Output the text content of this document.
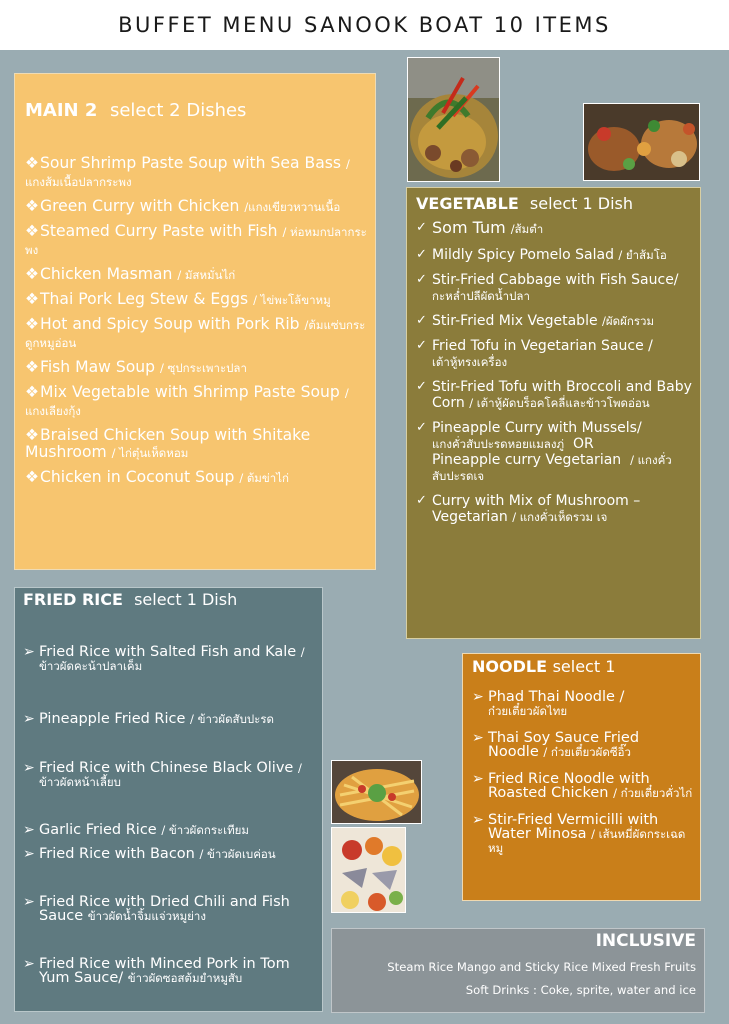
BUFFET MENU SANOOK BOAT 10 ITEMS
MAIN 2 select 2 Dishes
❖Sour Shrimp Paste Soup with Sea Bass / แกงส้มเนื้อปลากระพง
❖Green Curry with Chicken /แกงเขียวหวานเนื้อ
❖Steamed Curry Paste with Fish / ห่อหมกปลากระพง
❖Chicken Masman / มัสหมั่นไก่
❖Thai Pork Leg Stew & Eggs / ไข่พะโล้ขาหมู
❖Hot and Spicy Soup with Pork Rib /ต้มแซ่บกระดูกหมูอ่อน
❖Fish Maw Soup / ซุปกระเพาะปลา
❖Mix Vegetable with Shrimp Paste Soup / แกงเลียงกุ้ง
❖Braised Chicken Soup with Shitake Mushroom / ไก่ตุ๋นเห็ดหอม
❖Chicken in Coconut Soup / ต้มข่าไก่
VEGETABLE select 1 Dish
✓ Som Tum /ส้มตำ
✓ Mildly Spicy Pomelo Salad / ยำส้มโอ
✓ Stir-Fried Cabbage with Fish Sauce/ กะหล่ำปลีผัดน้ำปลา
✓ Stir-Fried Mix Vegetable /ผัดผักรวม
✓ Fried Tofu in Vegetarian Sauce /
เต้าหู้ทรงเครื่อง
✓ Stir-Fried Tofu with Broccoli and Baby Corn / เต้าหู้ผัดบร็อคโคลี่และข้าวโพดอ่อน
✓ Pineapple Curry with Mussels/
แกงคั่วสับปะรดหอยแมลงภู่ OR
Pineapple curry Vegetarian / แกงคั่วสับปะรดเจ
✓ Curry with Mix of Mushroom – Vegetarian / แกงคั่วเห็ดรวม เจ
FRIED RICE select 1 Dish
➢ Fried Rice with Salted Fish and Kale / ข้าวผัดคะน้าปลาเค็ม
➢ Pineapple Fried Rice / ข้าวผัดสับปะรด
➢ Fried Rice with Chinese Black Olive / ข้าวผัดหน้าเลี้ยบ
➢ Garlic Fried Rice / ข้าวผัดกระเทียม
➢ Fried Rice with Bacon / ข้าวผัดเบค่อน
➢ Fried Rice with Dried Chili and Fish Sauce ข้าวผัดน้ำจิ้มแจ่วหมูย่าง
➢ Fried Rice with Minced Pork in Tom Yum Sauce/ ข้าวผัดซอสต้มยำหมูสับ
NOODLE select 1
➢ Phad Thai Noodle /
ก๋วยเตี๋ยวผัดไทย
➢ Thai Soy Sauce Fried Noodle / ก๋วยเตี๋ยวผัดซีอิ๊ว
➢ Fried Rice Noodle with Roasted Chicken / ก๋วยเตี๋ยวคั่วไก่
➢ Stir-Fried Vermicilli with Water Minosa / เส้นหมี่ผัดกระเฉดหมู
INCLUSIVE
Steam Rice Mango and Sticky Rice Mixed Fresh Fruits
Soft Drinks : Coke, sprite, water and ice
